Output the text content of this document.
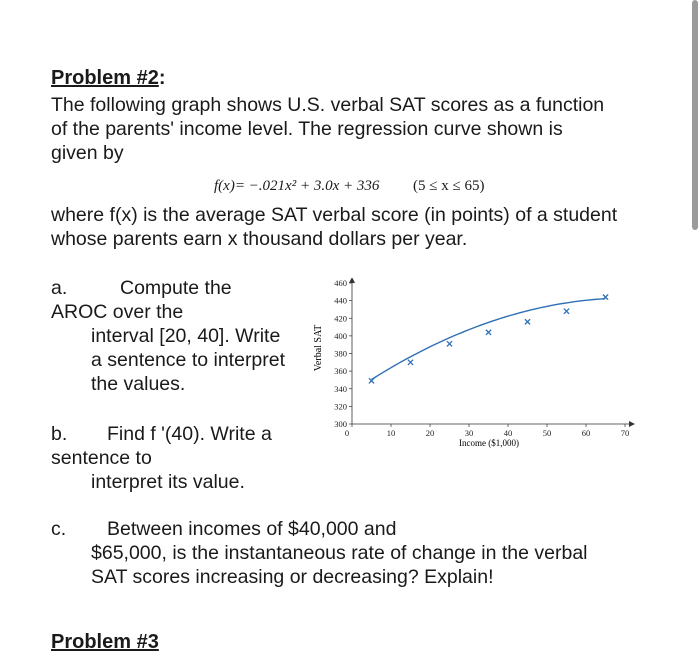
Problem #2:
The following graph shows U.S. verbal SAT scores as a function
of the parents' income level. The regression curve shown is
given by
f(x)= −.021x² + 3.0x + 336 (5 ≤ x ≤ 65)
where f(x) is the average SAT verbal score (in points) of a student
whose parents earn x thousand dollars per year.
a.	Compute the
AROC over the
interval [20, 40]. Write
a sentence to interpret
the values.
b. Find f '(40). Write a
sentence to
interpret its value.
c. Between incomes of $40,000 and
$65,000, is the instantaneous rate of change in the verbal
SAT scores increasing or decreasing? Explain!
Problem #3
300
320
340
360
380
400
420
440
460
0	10	20	30	40	50	60	70
Verbal SAT
Income ($1,000)
